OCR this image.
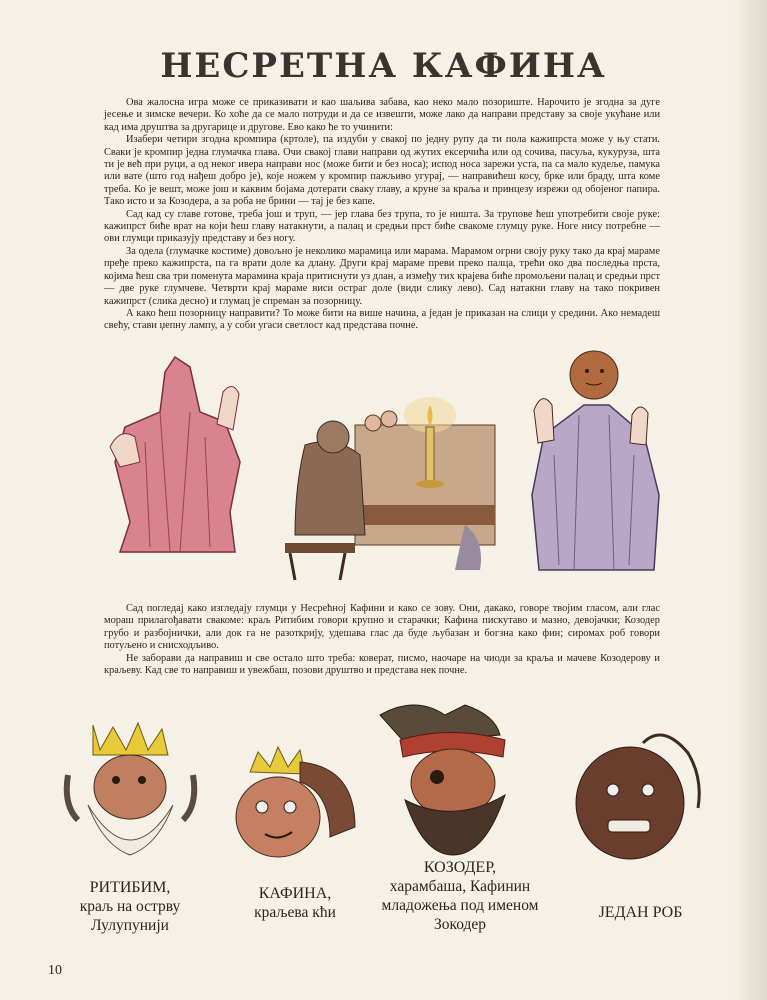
НЕСРЕТНА КАФИНА

Ова жалосна игра може се приказивати и као шаљива забава, као неко мало позориште. Нарочито је згодна за дуге јесење и зимске вечери. Ко хоће да се мало потруди и да се извешти, може лако да направи представу за своје укућане или кад има друштва за другарице и другове. Ево како ће то учинити:

Изабери четири згодна кромпира (кртоле), па издуби у свакој по једну рупу да ти пола кажипрста може у њу стати. Сваки је кромпир једна глумачка глава. Очи свакој глави направи од жутих ексерчића или од сочива, пасуља, кукуруза, шта ти је већ при руци, а од неког ивера направи нос (може бити и без носа); испод носа зарежи уста, па са мало кудеље, памука или вате (што год нађеш добро је), које ножем у кромпир пажљиво угурај, — направићеш косу, брке или браду, шта коме треба. Ко је вешт, може још и каквим бојама дотерати сваку главу, а круне за краља и принцезу изрежи од обојеног папира. Тако исто и за Козодера, а за роба не брини — тај је без капе.

Сад кад су главе готове, треба још и труп, — јер глава без трупа, то је ништа. За трупове ћеш употребити своје руке: кажипрст биће врат на који ћеш главу натакнути, а палац и средњи прст биће свакоме глумцу руке. Ноге нису потребне — ови глумци приказују представу и без ногу.

За одела (глумачке костиме) довољно је неколико марамица или марама. Марамом огрни своју руку тако да крај мараме пређе преко кажипрста, па га врати доле ка длану. Други крај мараме преви преко палца, трећи око два последња прста, којима ћеш сва три поменута марамина краја притиснути уз длан, а између тих крајева биће промољени палац и средњи прст — две руке глумчеве. Четврти крај мараме виси остраг доле (види слику лево). Сад натакни главу на тако покривен кажипрст (слика десно) и глумац је спреман за позорницу.

А како ћеш позорницу направити? То може бити на више начина, а један је приказан на слици у средини. Ако немадеш свећу, стави џепну лампу, а у соби угаси светлост кад представа почне.

Сад погледај како изгледају глумци у Несрећној Кафини и како се зову. Они, дакако, говоре твојим гласом, али глас мораш прилагођавати свакоме: краљ Ритибим говори крупно и старачки; Кафина пискутаво и мазно, девојачки; Козодер грубо и разбојнички, али док га не разоткрију, удешава глас да буде љубазан и богзна како фин; сиромах роб говори потуљено и снисходљиво.

Не заборави да направиш и све остало што треба: коверат, писмо, наочаре на чиоди за краља и мачеве Козодерову и краљеву. Кад све то направиш и увежбаш, позови друштво и представа нек почне.

РИТИБИМ,
краљ на острву Лулупунији
КАФИНА,
краљева кћи
КОЗОДЕР,
харамбаша, Кафинин младожења под именом Зокодер
ЈЕДАН РОБ
10
